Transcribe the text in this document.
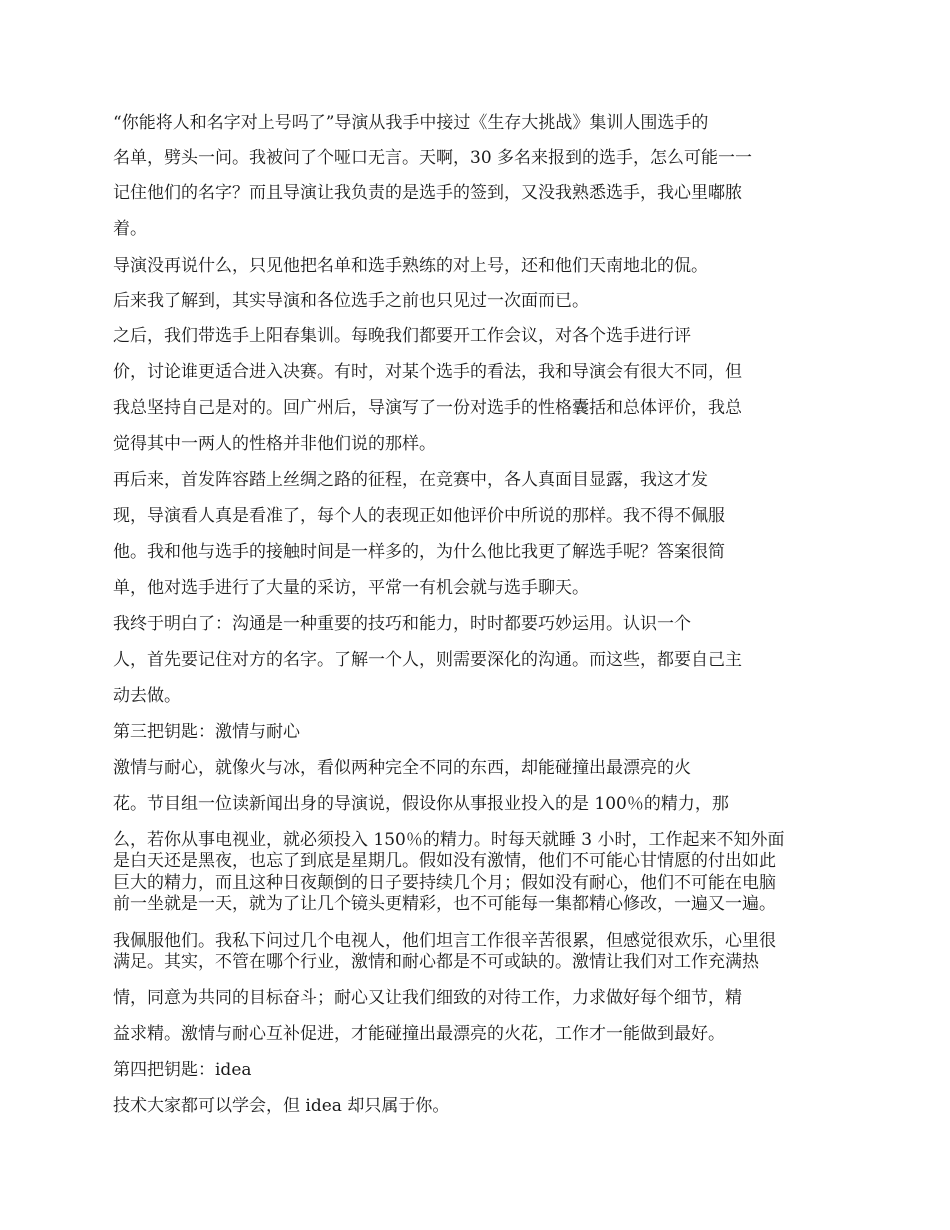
“你能将人和名字对上号吗了”导演从我手中接过《生存大挑战》集训人围选手的

名单，劈头一问。我被问了个哑口无言。天啊，30 多名来报到的选手，怎么可能一一

记住他们的名字？而且导演让我负责的是选手的签到，又没我熟悉选手，我心里嘟脓

着。

导演没再说什么，只见他把名单和选手熟练的对上号，还和他们天南地北的侃。

后来我了解到，其实导演和各位选手之前也只见过一次面而已。

之后，我们带选手上阳春集训。每晚我们都要开工作会议，对各个选手进行评

价，讨论谁更适合进入决赛。有时，对某个选手的看法，我和导演会有很大不同，但

我总坚持自己是对的。回广州后，导演写了一份对选手的性格囊括和总体评价，我总

觉得其中一两人的性格并非他们说的那样。

再后来，首发阵容踏上丝绸之路的征程，在竞赛中，各人真面目显露，我这才发

现，导演看人真是看准了，每个人的表现正如他评价中所说的那样。我不得不佩服

他。我和他与选手的接触时间是一样多的，为什么他比我更了解选手呢？答案很简

单，他对选手进行了大量的采访，平常一有机会就与选手聊天。

我终于明白了：沟通是一种重要的技巧和能力，时时都要巧妙运用。认识一个

人，首先要记住对方的名字。了解一个人，则需要深化的沟通。而这些，都要自己主

动去做。

第三把钥匙：激情与耐心

激情与耐心，就像火与冰，看似两种完全不同的东西，却能碰撞出最漂亮的火

花。节目组一位读新闻出身的导演说，假设你从事报业投入的是 100％的精力，那

么，若你从事电视业，就必须投入 150％的精力。时每天就睡 3 小时，工作起来不知外面

是白天还是黑夜，也忘了到底是星期几。假如没有激情，他们不可能心甘情愿的付出如此

巨大的精力，而且这种日夜颠倒的日子要持续几个月；假如没有耐心，他们不可能在电脑

前一坐就是一天，就为了让几个镜头更精彩，也不可能每一集都精心修改，一遍又一遍。

我佩服他们。我私下问过几个电视人，他们坦言工作很辛苦很累，但感觉很欢乐，心里很

满足。其实，不管在哪个行业，激情和耐心都是不可或缺的。激情让我们对工作充满热

情，同意为共同的目标奋斗；耐心又让我们细致的对待工作，力求做好每个细节，精

益求精。激情与耐心互补促进，才能碰撞出最漂亮的火花，工作才一能做到最好。

第四把钥匙：idea

技术大家都可以学会，但 idea 却只属于你。
